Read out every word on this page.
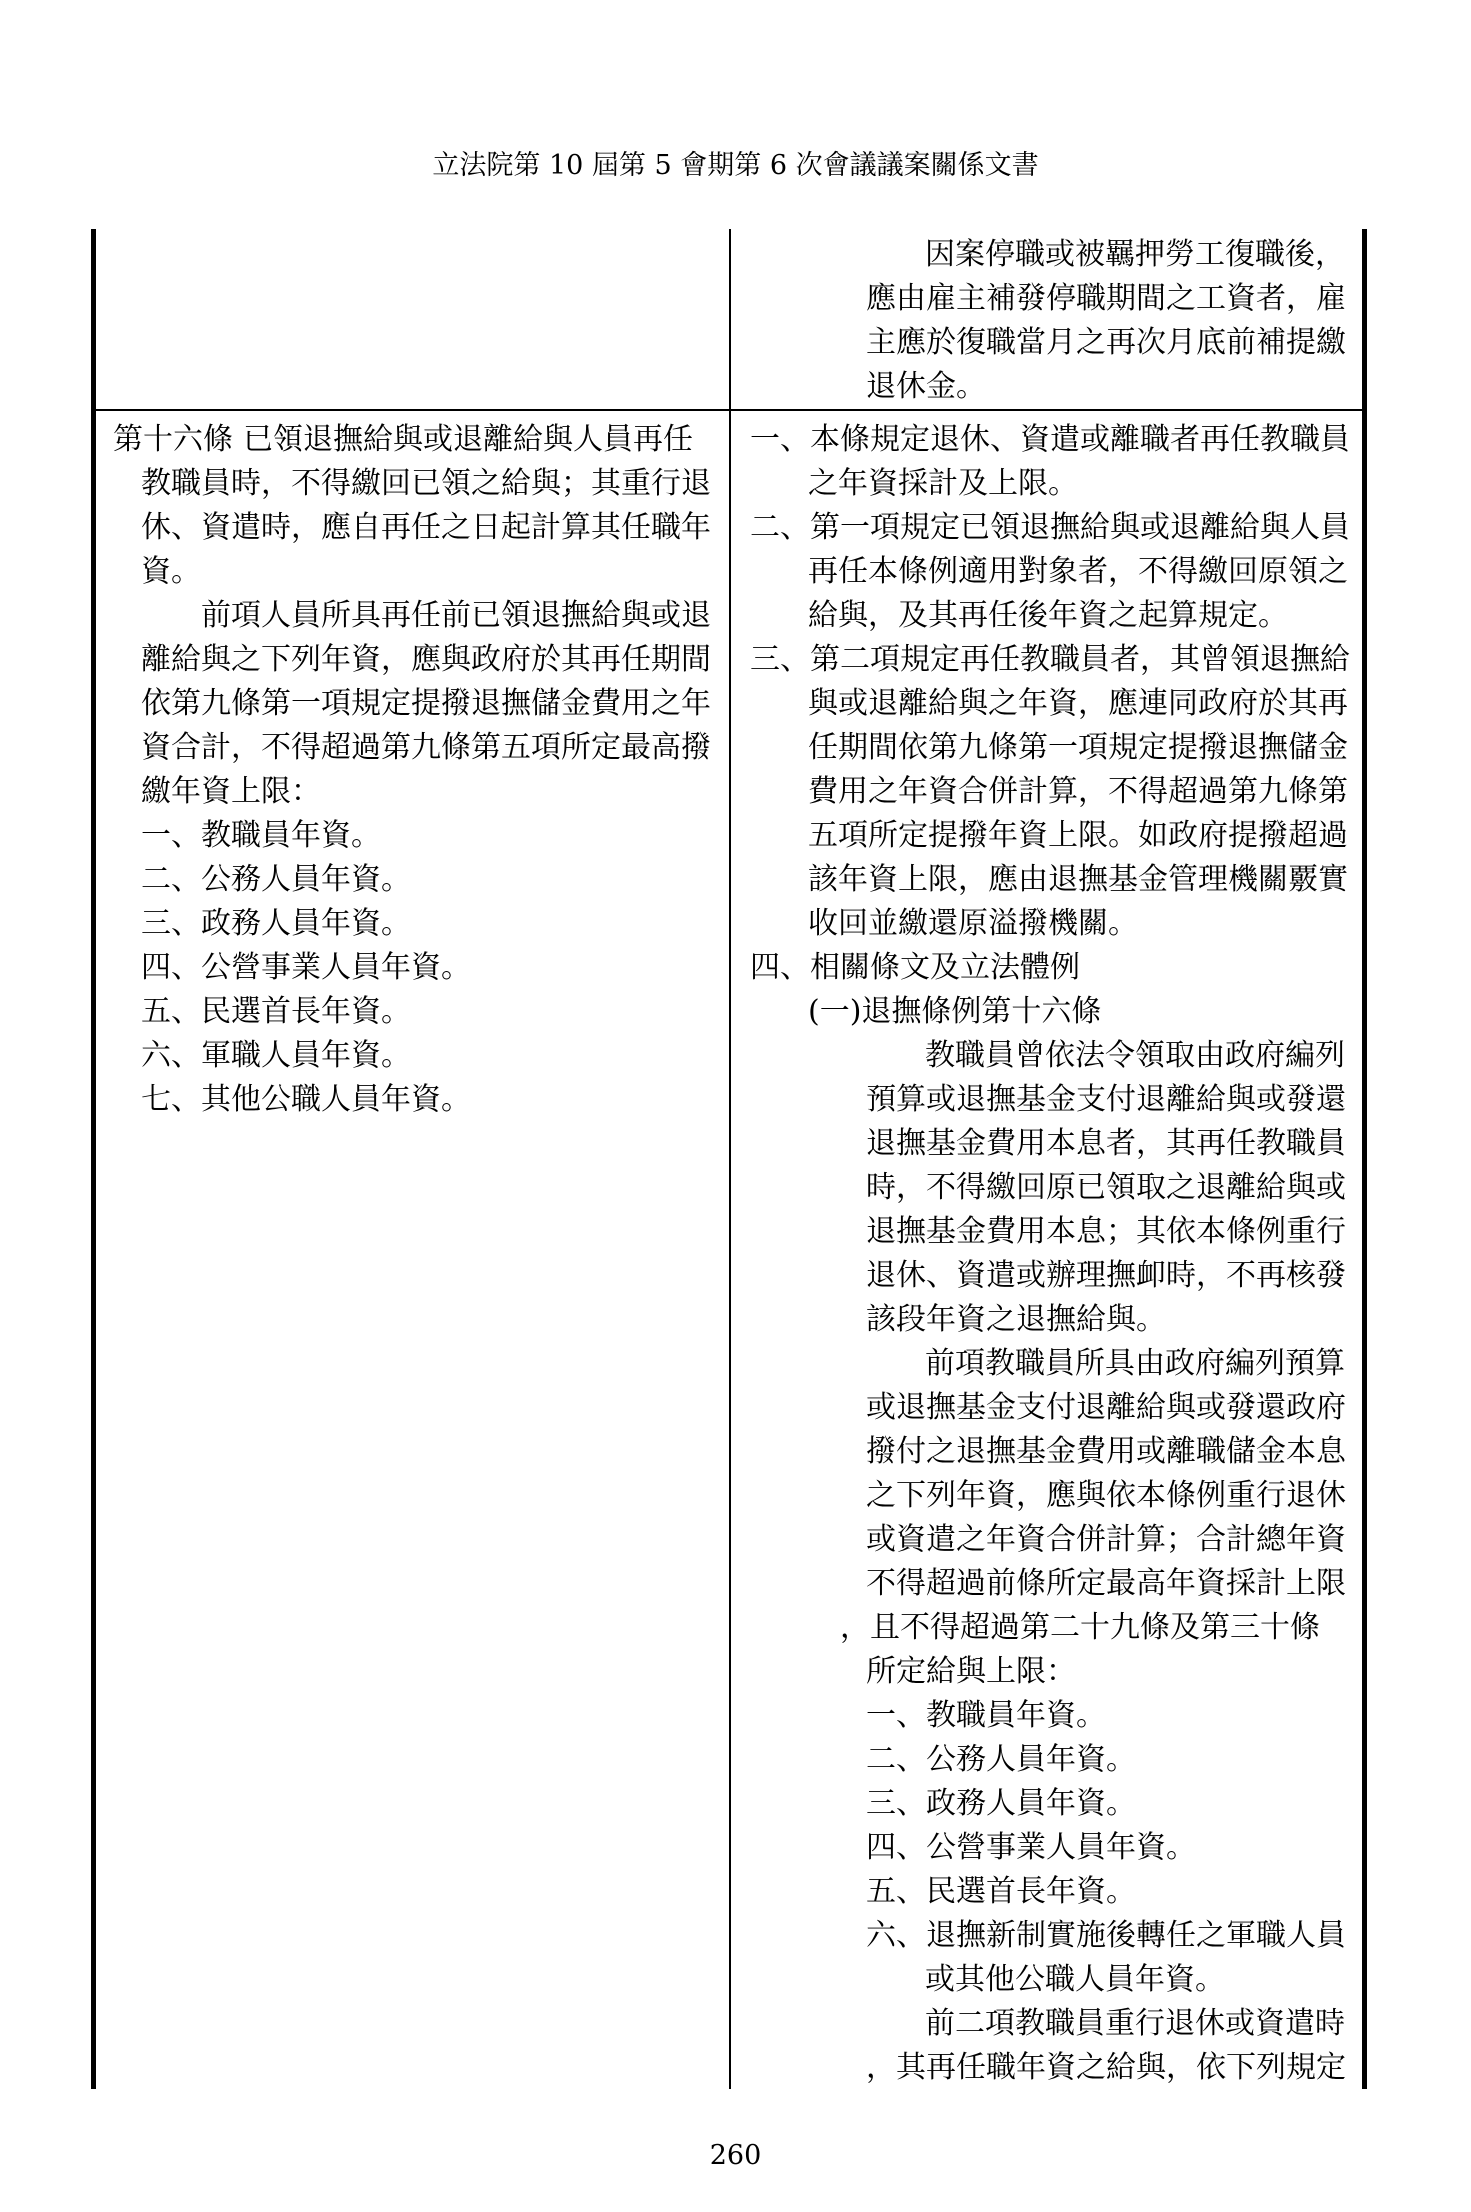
立法院第 10 屆第 5 會期第 6 次會議議案關係文書
因案停職或被羈押勞工復職後，
應由雇主補發停職期間之工資者，雇
主應於復職當月之再次月底前補提繳
退休金。
第十六條 已領退撫給與或退離給與人員再任
教職員時，不得繳回已領之給與；其重行退
休、資遣時，應自再任之日起計算其任職年
資。
前項人員所具再任前已領退撫給與或退
離給與之下列年資，應與政府於其再任期間
依第九條第一項規定提撥退撫儲金費用之年
資合計，不得超過第九條第五項所定最高撥
繳年資上限：
一、教職員年資。
二、公務人員年資。
三、政務人員年資。
四、公營事業人員年資。
五、民選首長年資。
六、軍職人員年資。
七、其他公職人員年資。
一、本條規定退休、資遣或離職者再任教職員
之年資採計及上限。
二、第一項規定已領退撫給與或退離給與人員
再任本條例適用對象者，不得繳回原領之
給與，及其再任後年資之起算規定。
三、第二項規定再任教職員者，其曾領退撫給
與或退離給與之年資，應連同政府於其再
任期間依第九條第一項規定提撥退撫儲金
費用之年資合併計算，不得超過第九條第
五項所定提撥年資上限。如政府提撥超過
該年資上限，應由退撫基金管理機關覈實
收回並繳還原溢撥機關。
四、相關條文及立法體例
(一)退撫條例第十六條
教職員曾依法令領取由政府編列
預算或退撫基金支付退離給與或發還
退撫基金費用本息者，其再任教職員
時，不得繳回原已領取之退離給與或
退撫基金費用本息；其依本條例重行
退休、資遣或辦理撫卹時，不再核發
該段年資之退撫給與。
前項教職員所具由政府編列預算
或退撫基金支付退離給與或發還政府
撥付之退撫基金費用或離職儲金本息
之下列年資，應與依本條例重行退休
或資遣之年資合併計算；合計總年資
不得超過前條所定最高年資採計上限
，且不得超過第二十九條及第三十條
所定給與上限：
一、教職員年資。
二、公務人員年資。
三、政務人員年資。
四、公營事業人員年資。
五、民選首長年資。
六、退撫新制實施後轉任之軍職人員
或其他公職人員年資。
前二項教職員重行退休或資遣時
，其再任職年資之給與，依下列規定
260
